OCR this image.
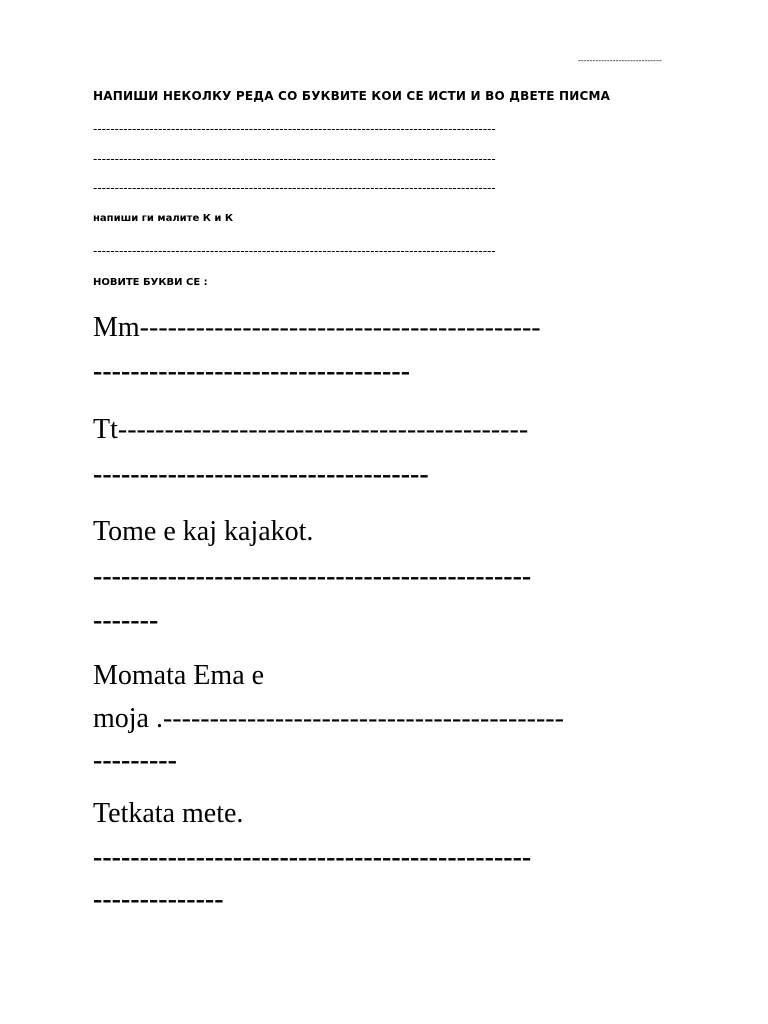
-----------------------------
НАПИШИ НЕКОЛКУ РЕДА СО БУКВИТЕ КОИ СЕ ИСТИ И ВО ДВЕТЕ ПИСМА
---------------------------------------------------------------------------------------------
---------------------------------------------------------------------------------------------
---------------------------------------------------------------------------------------------
напиши ги малите К и Ќ
---------------------------------------------------------------------------------------------
НОВИТЕ БУКВИ СЕ :
Mm-------------------------------------------
----------------------------------
Tt--------------------------------------------
------------------------------------
Tome e kaj kajakot.
-----------------------------------------------
-------
Momata Ema e
moja .-------------------------------------------
---------
Tetkata mete.
-----------------------------------------------
--------------
